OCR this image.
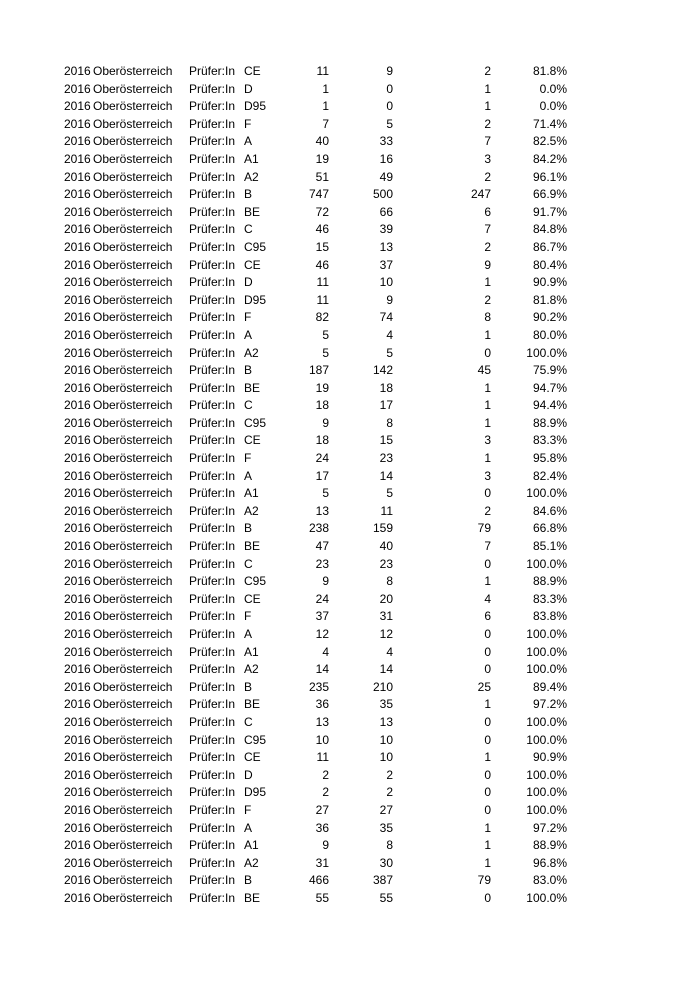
2016 Oberösterreich Prüfer:In CE	11	9	2	81.8%
2016 Oberösterreich Prüfer:In D	1	0	1	0.0%
2016 Oberösterreich Prüfer:In D95	1	0	1	0.0%
2016 Oberösterreich Prüfer:In F	7	5	2	71.4%
2016 Oberösterreich Prüfer:In A	40	33	7	82.5%
2016 Oberösterreich Prüfer:In A1	19	16	3	84.2%
2016 Oberösterreich Prüfer:In A2	51	49	2	96.1%
2016 Oberösterreich Prüfer:In B	747	500	247	66.9%
2016 Oberösterreich Prüfer:In BE	72	66	6	91.7%
2016 Oberösterreich Prüfer:In C	46	39	7	84.8%
2016 Oberösterreich Prüfer:In C95	15	13	2	86.7%
2016 Oberösterreich Prüfer:In CE	46	37	9	80.4%
2016 Oberösterreich Prüfer:In D	11	10	1	90.9%
2016 Oberösterreich Prüfer:In D95	11	9	2	81.8%
2016 Oberösterreich Prüfer:In F	82	74	8	90.2%
2016 Oberösterreich Prüfer:In A	5	4	1	80.0%
2016 Oberösterreich Prüfer:In A2	5	5	0	100.0%
2016 Oberösterreich Prüfer:In B	187	142	45	75.9%
2016 Oberösterreich Prüfer:In BE	19	18	1	94.7%
2016 Oberösterreich Prüfer:In C	18	17	1	94.4%
2016 Oberösterreich Prüfer:In C95	9	8	1	88.9%
2016 Oberösterreich Prüfer:In CE	18	15	3	83.3%
2016 Oberösterreich Prüfer:In F	24	23	1	95.8%
2016 Oberösterreich Prüfer:In A	17	14	3	82.4%
2016 Oberösterreich Prüfer:In A1	5	5	0	100.0%
2016 Oberösterreich Prüfer:In A2	13	11	2	84.6%
2016 Oberösterreich Prüfer:In B	238	159	79	66.8%
2016 Oberösterreich Prüfer:In BE	47	40	7	85.1%
2016 Oberösterreich Prüfer:In C	23	23	0	100.0%
2016 Oberösterreich Prüfer:In C95	9	8	1	88.9%
2016 Oberösterreich Prüfer:In CE	24	20	4	83.3%
2016 Oberösterreich Prüfer:In F	37	31	6	83.8%
2016 Oberösterreich Prüfer:In A	12	12	0	100.0%
2016 Oberösterreich Prüfer:In A1	4	4	0	100.0%
2016 Oberösterreich Prüfer:In A2	14	14	0	100.0%
2016 Oberösterreich Prüfer:In B	235	210	25	89.4%
2016 Oberösterreich Prüfer:In BE	36	35	1	97.2%
2016 Oberösterreich Prüfer:In C	13	13	0	100.0%
2016 Oberösterreich Prüfer:In C95	10	10	0	100.0%
2016 Oberösterreich Prüfer:In CE	11	10	1	90.9%
2016 Oberösterreich Prüfer:In D	2	2	0	100.0%
2016 Oberösterreich Prüfer:In D95	2	2	0	100.0%
2016 Oberösterreich Prüfer:In F	27	27	0	100.0%
2016 Oberösterreich Prüfer:In A	36	35	1	97.2%
2016 Oberösterreich Prüfer:In A1	9	8	1	88.9%
2016 Oberösterreich Prüfer:In A2	31	30	1	96.8%
2016 Oberösterreich Prüfer:In B	466	387	79	83.0%
2016 Oberösterreich Prüfer:In BE	55	55	0	100.0%
